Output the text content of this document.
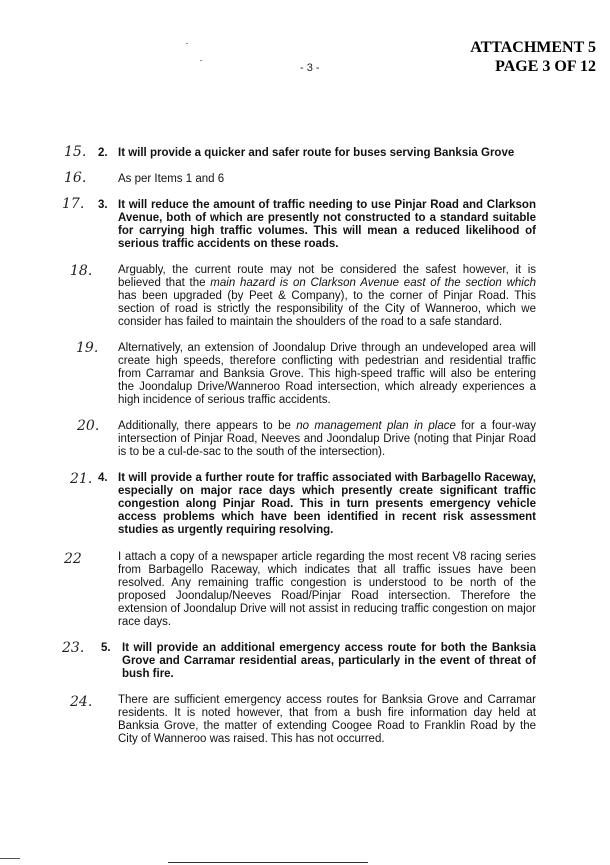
ATTACHMENT 5
PAGE 3 OF 12
- 3 -
15.
16.
17.
18.
19.
20.
21.
22
23.
24.
2. It will provide a quicker and safer route for buses serving Banksia Grove
As per Items 1 and 6
3. It will reduce the amount of traffic needing to use Pinjar Road and Clarkson Avenue, both of which are presently not constructed to a standard suitable for carrying high traffic volumes. This will mean a reduced likelihood of serious traffic accidents on these roads.
Arguably, the current route may not be considered the safest however, it is believed that the main hazard is on Clarkson Avenue east of the section which has been upgraded (by Peet & Company), to the corner of Pinjar Road. This section of road is strictly the responsibility of the City of Wanneroo, which we consider has failed to maintain the shoulders of the road to a safe standard.
Alternatively, an extension of Joondalup Drive through an undeveloped area will create high speeds, therefore conflicting with pedestrian and residential traffic from Carramar and Banksia Grove. This high-speed traffic will also be entering the Joondalup Drive/Wanneroo Road intersection, which already experiences a high incidence of serious traffic accidents.
Additionally, there appears to be no management plan in place for a four-way intersection of Pinjar Road, Neeves and Joondalup Drive (noting that Pinjar Road is to be a cul-de-sac to the south of the intersection).
4. It will provide a further route for traffic associated with Barbagello Raceway, especially on major race days which presently create significant traffic congestion along Pinjar Road. This in turn presents emergency vehicle access problems which have been identified in recent risk assessment studies as urgently requiring resolving.
I attach a copy of a newspaper article regarding the most recent V8 racing series from Barbagello Raceway, which indicates that all traffic issues have been resolved. Any remaining traffic congestion is understood to be north of the proposed Joondalup/Neeves Road/Pinjar Road intersection. Therefore the extension of Joondalup Drive will not assist in reducing traffic congestion on major race days.
5. It will provide an additional emergency access route for both the Banksia Grove and Carramar residential areas, particularly in the event of threat of bush fire.
There are sufficient emergency access routes for Banksia Grove and Carramar residents. It is noted however, that from a bush fire information day held at Banksia Grove, the matter of extending Coogee Road to Franklin Road by the City of Wanneroo was raised. This has not occurred.
